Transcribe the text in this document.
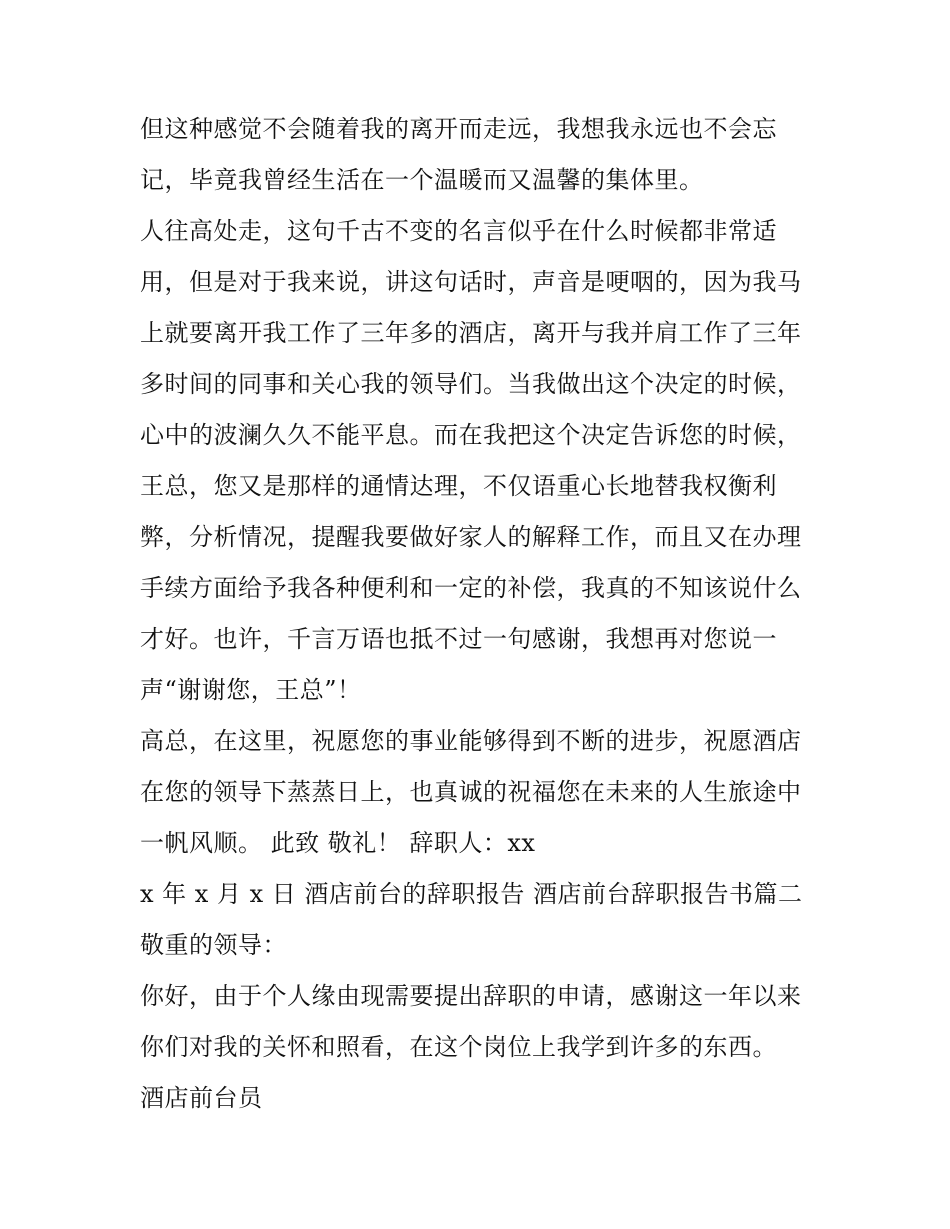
但这种感觉不会随着我的离开而走远，我想我永远也不会忘
记，毕竟我曾经生活在一个温暖而又温馨的集体里。
人往高处走，这句千古不变的名言似乎在什么时候都非常适
用，但是对于我来说，讲这句话时，声音是哽咽的，因为我马
上就要离开我工作了三年多的酒店，离开与我并肩工作了三年
多时间的同事和关心我的领导们。当我做出这个决定的时候，
心中的波澜久久不能平息。而在我把这个决定告诉您的时候，
王总，您又是那样的通情达理，不仅语重心长地替我权衡利
弊，分析情况，提醒我要做好家人的解释工作，而且又在办理
手续方面给予我各种便利和一定的补偿，我真的不知该说什么
才好。也许，千言万语也抵不过一句感谢，我想再对您说一
声“谢谢您，王总”！
高总，在这里，祝愿您的事业能够得到不断的进步，祝愿酒店
在您的领导下蒸蒸日上，也真诚的祝福您在未来的人生旅途中
一帆风顺。 此致 敬礼！ 辞职人：xx
x 年 x 月 x 日 酒店前台的辞职报告 酒店前台辞职报告书篇二
敬重的领导：
你好，由于个人缘由现需要提出辞职的申请，感谢这一年以来
你们对我的关怀和照看，在这个岗位上我学到许多的东西。
酒店前台员
